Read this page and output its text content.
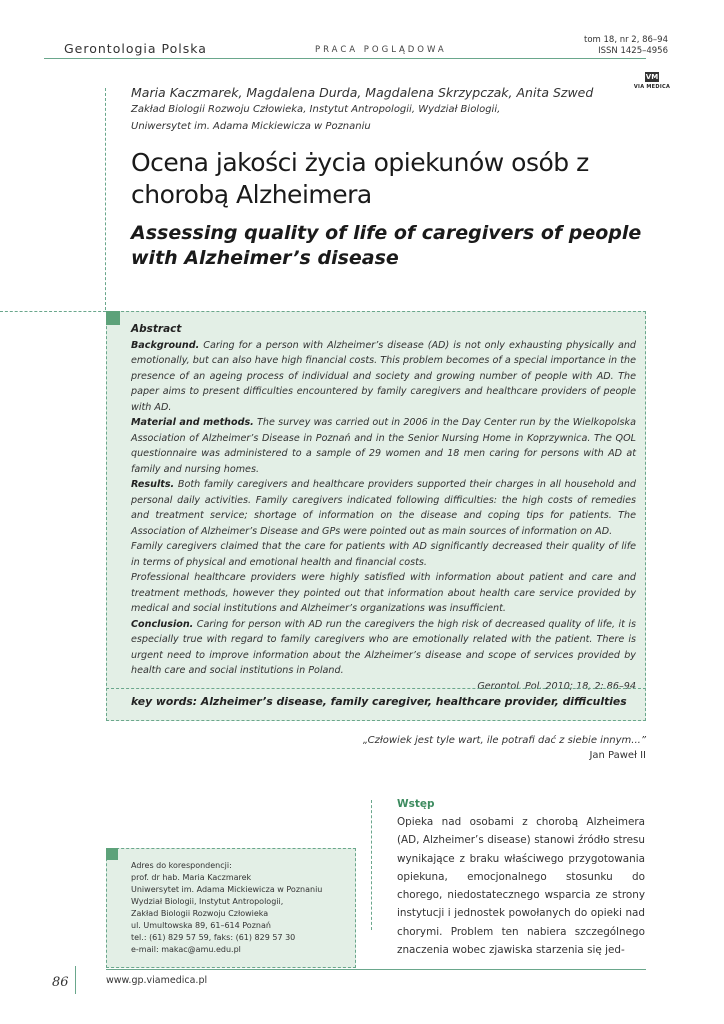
Gerontologia Polska	PRACA POGLĄDOWA
tom 18, nr 2, 86–94
ISSN 1425–4956
VM
VIA MEDICA
Maria Kaczmarek, Magdalena Durda, Magdalena Skrzypczak, Anita Szwed
Zakład Biologii Rozwoju Człowieka, Instytut Antropologii, Wydział Biologii,
Uniwersytet im. Adama Mickiewicza w Poznaniu
Ocena jakości życia opiekunów osób z chorobą Alzheimera
Assessing quality of life of caregivers of people with Alzheimer’s disease
Abstract

Background. Caring for a person with Alzheimer’s disease (AD) is not only exhausting physically and emotionally, but can also have high financial costs. This problem becomes of a special importance in the presence of an ageing process of individual and society and growing number of people with AD. The paper aims to present difficulties encountered by family caregivers and healthcare providers of people with AD.

Material and methods. The survey was carried out in 2006 in the Day Center run by the Wielkopolska Association of Alzheimer’s Disease in Poznań and in the Senior Nursing Home in Koprzywnica. The QOL questionnaire was administered to a sample of 29 women and 18 men caring for persons with AD at family and nursing homes.

Results. Both family caregivers and healthcare providers supported their charges in all household and personal daily activities. Family caregivers indicated following difficulties: the high costs of remedies and treatment service; shortage of information on the disease and coping tips for patients. The Association of Alzheimer’s Disease and GPs were pointed out as main sources of information on AD.

Family caregivers claimed that the care for patients with AD significantly decreased their quality of life in terms of physical and emotional health and financial costs.

Professional healthcare providers were highly satisfied with information about patient and care and treatment methods, however they pointed out that information about health care service provided by medical and social institutions and Alzheimer’s organizations was insufficient.

Conclusion. Caring for person with AD run the caregivers the high risk of decreased quality of life, it is especially true with regard to family caregivers who are emotionally related with the patient. There is urgent need to improve information about the Alzheimer’s disease and scope of services provided by health care and social institutions in Poland.

Gerontol. Pol. 2010; 18, 2: 86–94

key words: Alzheimer’s disease, family caregiver, healthcare provider, difficulties
„Człowiek jest tyle wart, ile potrafi dać z siebie innym...”
Jan Paweł II
Adres do korespondencji:
prof. dr hab. Maria Kaczmarek
Uniwersytet im. Adama Mickiewicza w Poznaniu
Wydział Biologii, Instytut Antropologii,
Zakład Biologii Rozwoju Człowieka
ul. Umultowska 89, 61–614 Poznań
tel.: (61) 829 57 59, faks: (61) 829 57 30
e-mail: makac@amu.edu.pl
Wstęp

Opieka nad osobami z chorobą Alzheimera (AD, Alzheimer’s disease) stanowi źródło stresu wynikające z braku właściwego przygotowania opiekuna, emocjonalnego stosunku do chorego, niedostatecznego wsparcia ze strony instytucji i jednostek powołanych do opieki nad chorymi. Problem ten nabiera szczególnego znaczenia wobec zjawiska starzenia się jed-

86	www.gp.viamedica.pl
